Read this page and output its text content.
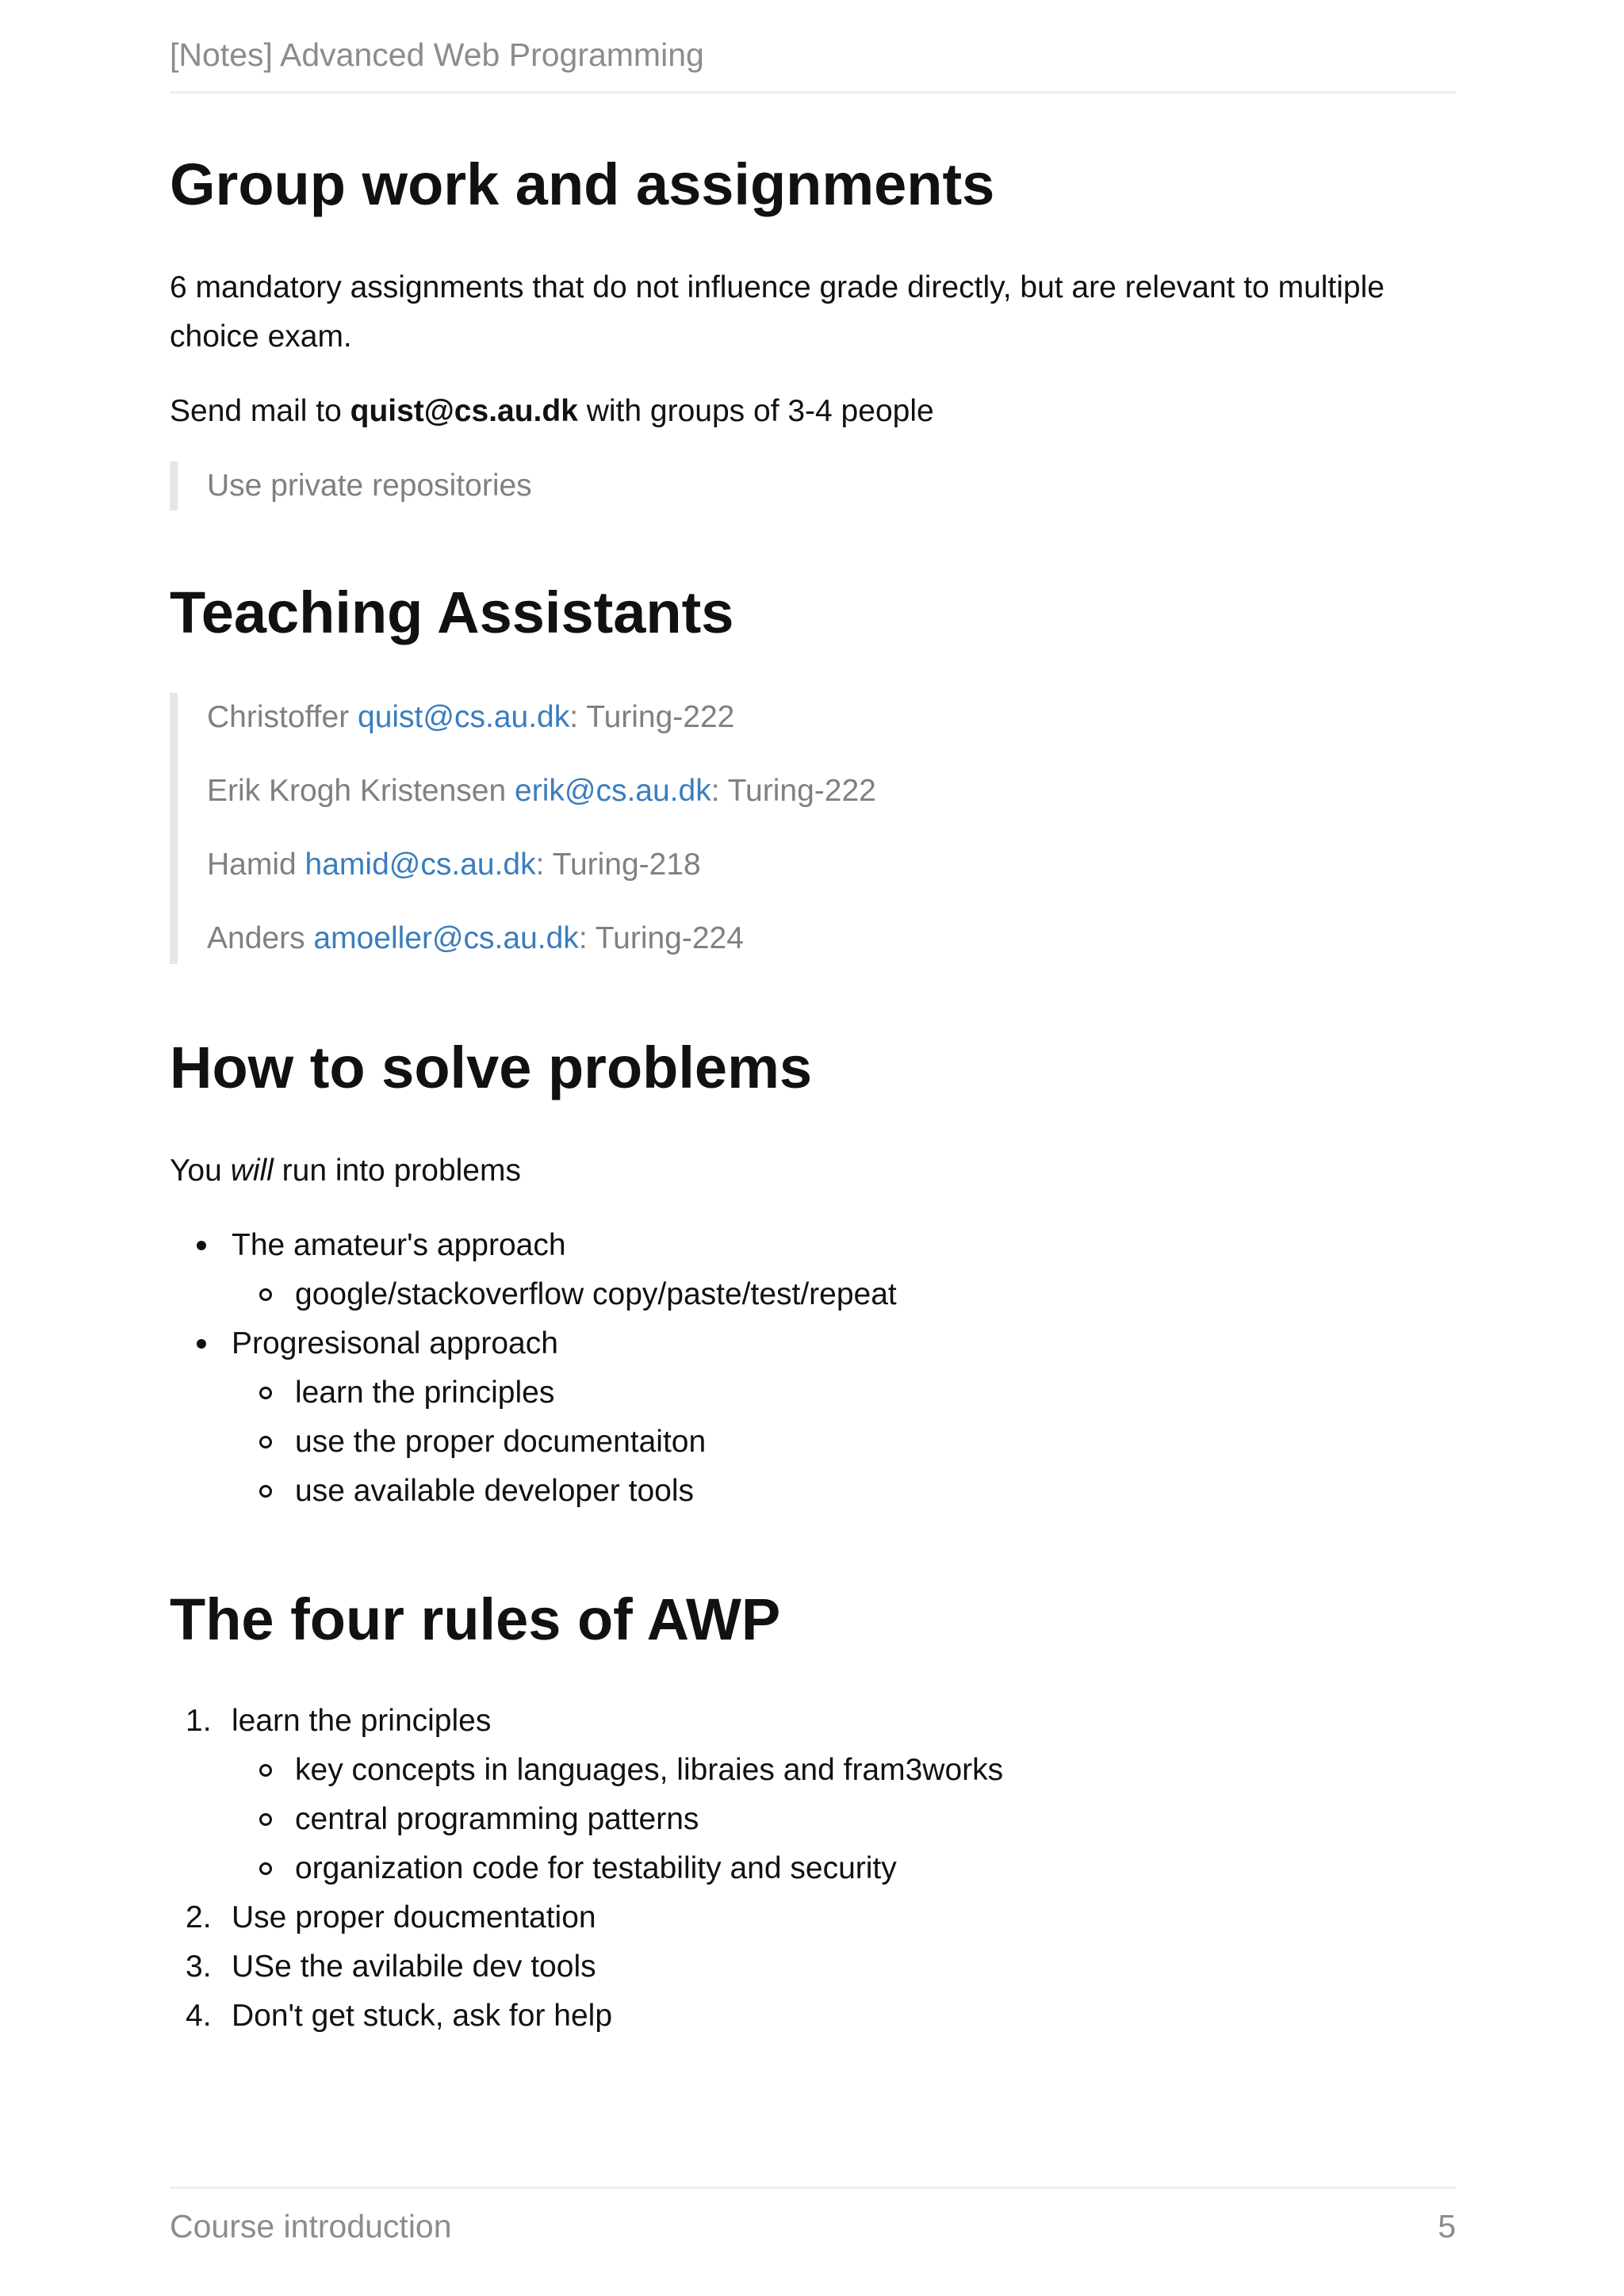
[Notes] Advanced Web Programming
Group work and assignments
6 mandatory assignments that do not influence grade directly, but are relevant to multiple choice exam.
Send mail to quist@cs.au.dk with groups of 3-4 people

Use private repositories

Teaching Assistants

Christoffer quist@cs.au.dk: Turing-222

Erik Krogh Kristensen erik@cs.au.dk: Turing-222

Hamid hamid@cs.au.dk: Turing-218

Anders amoeller@cs.au.dk: Turing-224

How to solve problems
You will run into problems
The amateur's approach
google/stackoverflow copy/paste/test/repeat
Progresisonal approach
learn the principles
use the proper documentaiton
use available developer tools
The four rules of AWP
1. learn the principles
key concepts in languages, libraies and fram3works
central programming patterns
organization code for testability and security
2. Use proper doucmentation
3. USe the avilabile dev tools
4. Don't get stuck, ask for help
Course introduction	5
